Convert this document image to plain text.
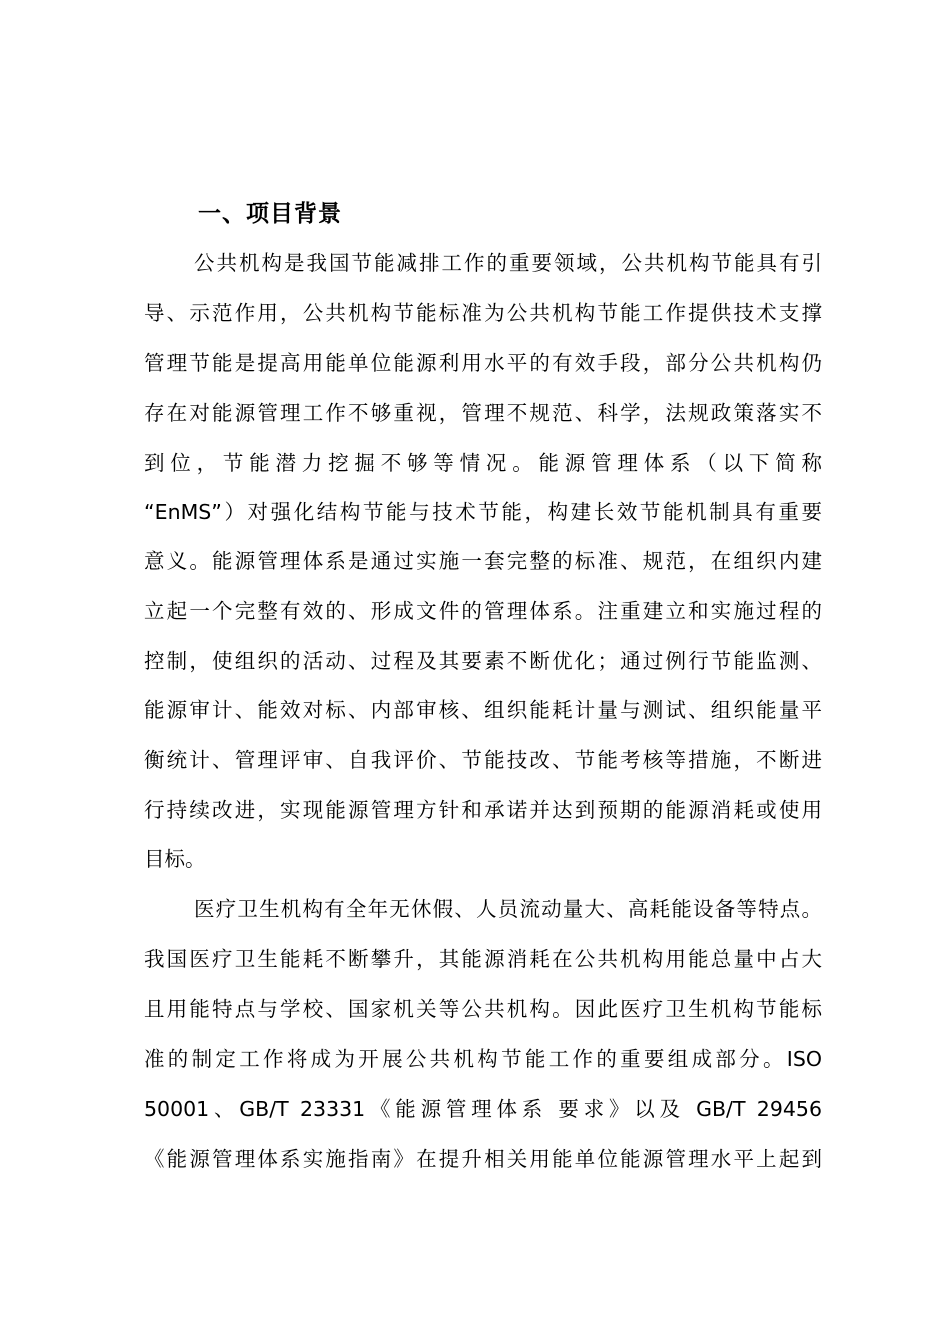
一、项目背景
公共机构是我国节能减排工作的重要领域，公共机构节能具有引
导、示范作用，公共机构节能标准为公共机构节能工作提供技术支撑
管理节能是提高用能单位能源利用水平的有效手段，部分公共机构仍
存在对能源管理工作不够重视，管理不规范、科学，法规政策落实不
到位，节能潜力挖掘不够等情况。能源管理体系（以下简称
“EnMS”）对强化结构节能与技术节能，构建长效节能机制具有重要
意义。能源管理体系是通过实施一套完整的标准、规范，在组织内建
立起一个完整有效的、形成文件的管理体系。注重建立和实施过程的
控制，使组织的活动、过程及其要素不断优化；通过例行节能监测、
能源审计、能效对标、内部审核、组织能耗计量与测试、组织能量平
衡统计、管理评审、自我评价、节能技改、节能考核等措施，不断进
行持续改进，实现能源管理方针和承诺并达到预期的能源消耗或使用
目标。
医疗卫生机构有全年无休假、人员流动量大、高耗能设备等特点。
我国医疗卫生能耗不断攀升，其能源消耗在公共机构用能总量中占大
且用能特点与学校、国家机关等公共机构。因此医疗卫生机构节能标
准的制定工作将成为开展公共机构节能工作的重要组成部分。ISO
50001、GB/T 23331《能源管理体系 要求》以及 GB/T 29456
《能源管理体系实施指南》在提升相关用能单位能源管理水平上起到
